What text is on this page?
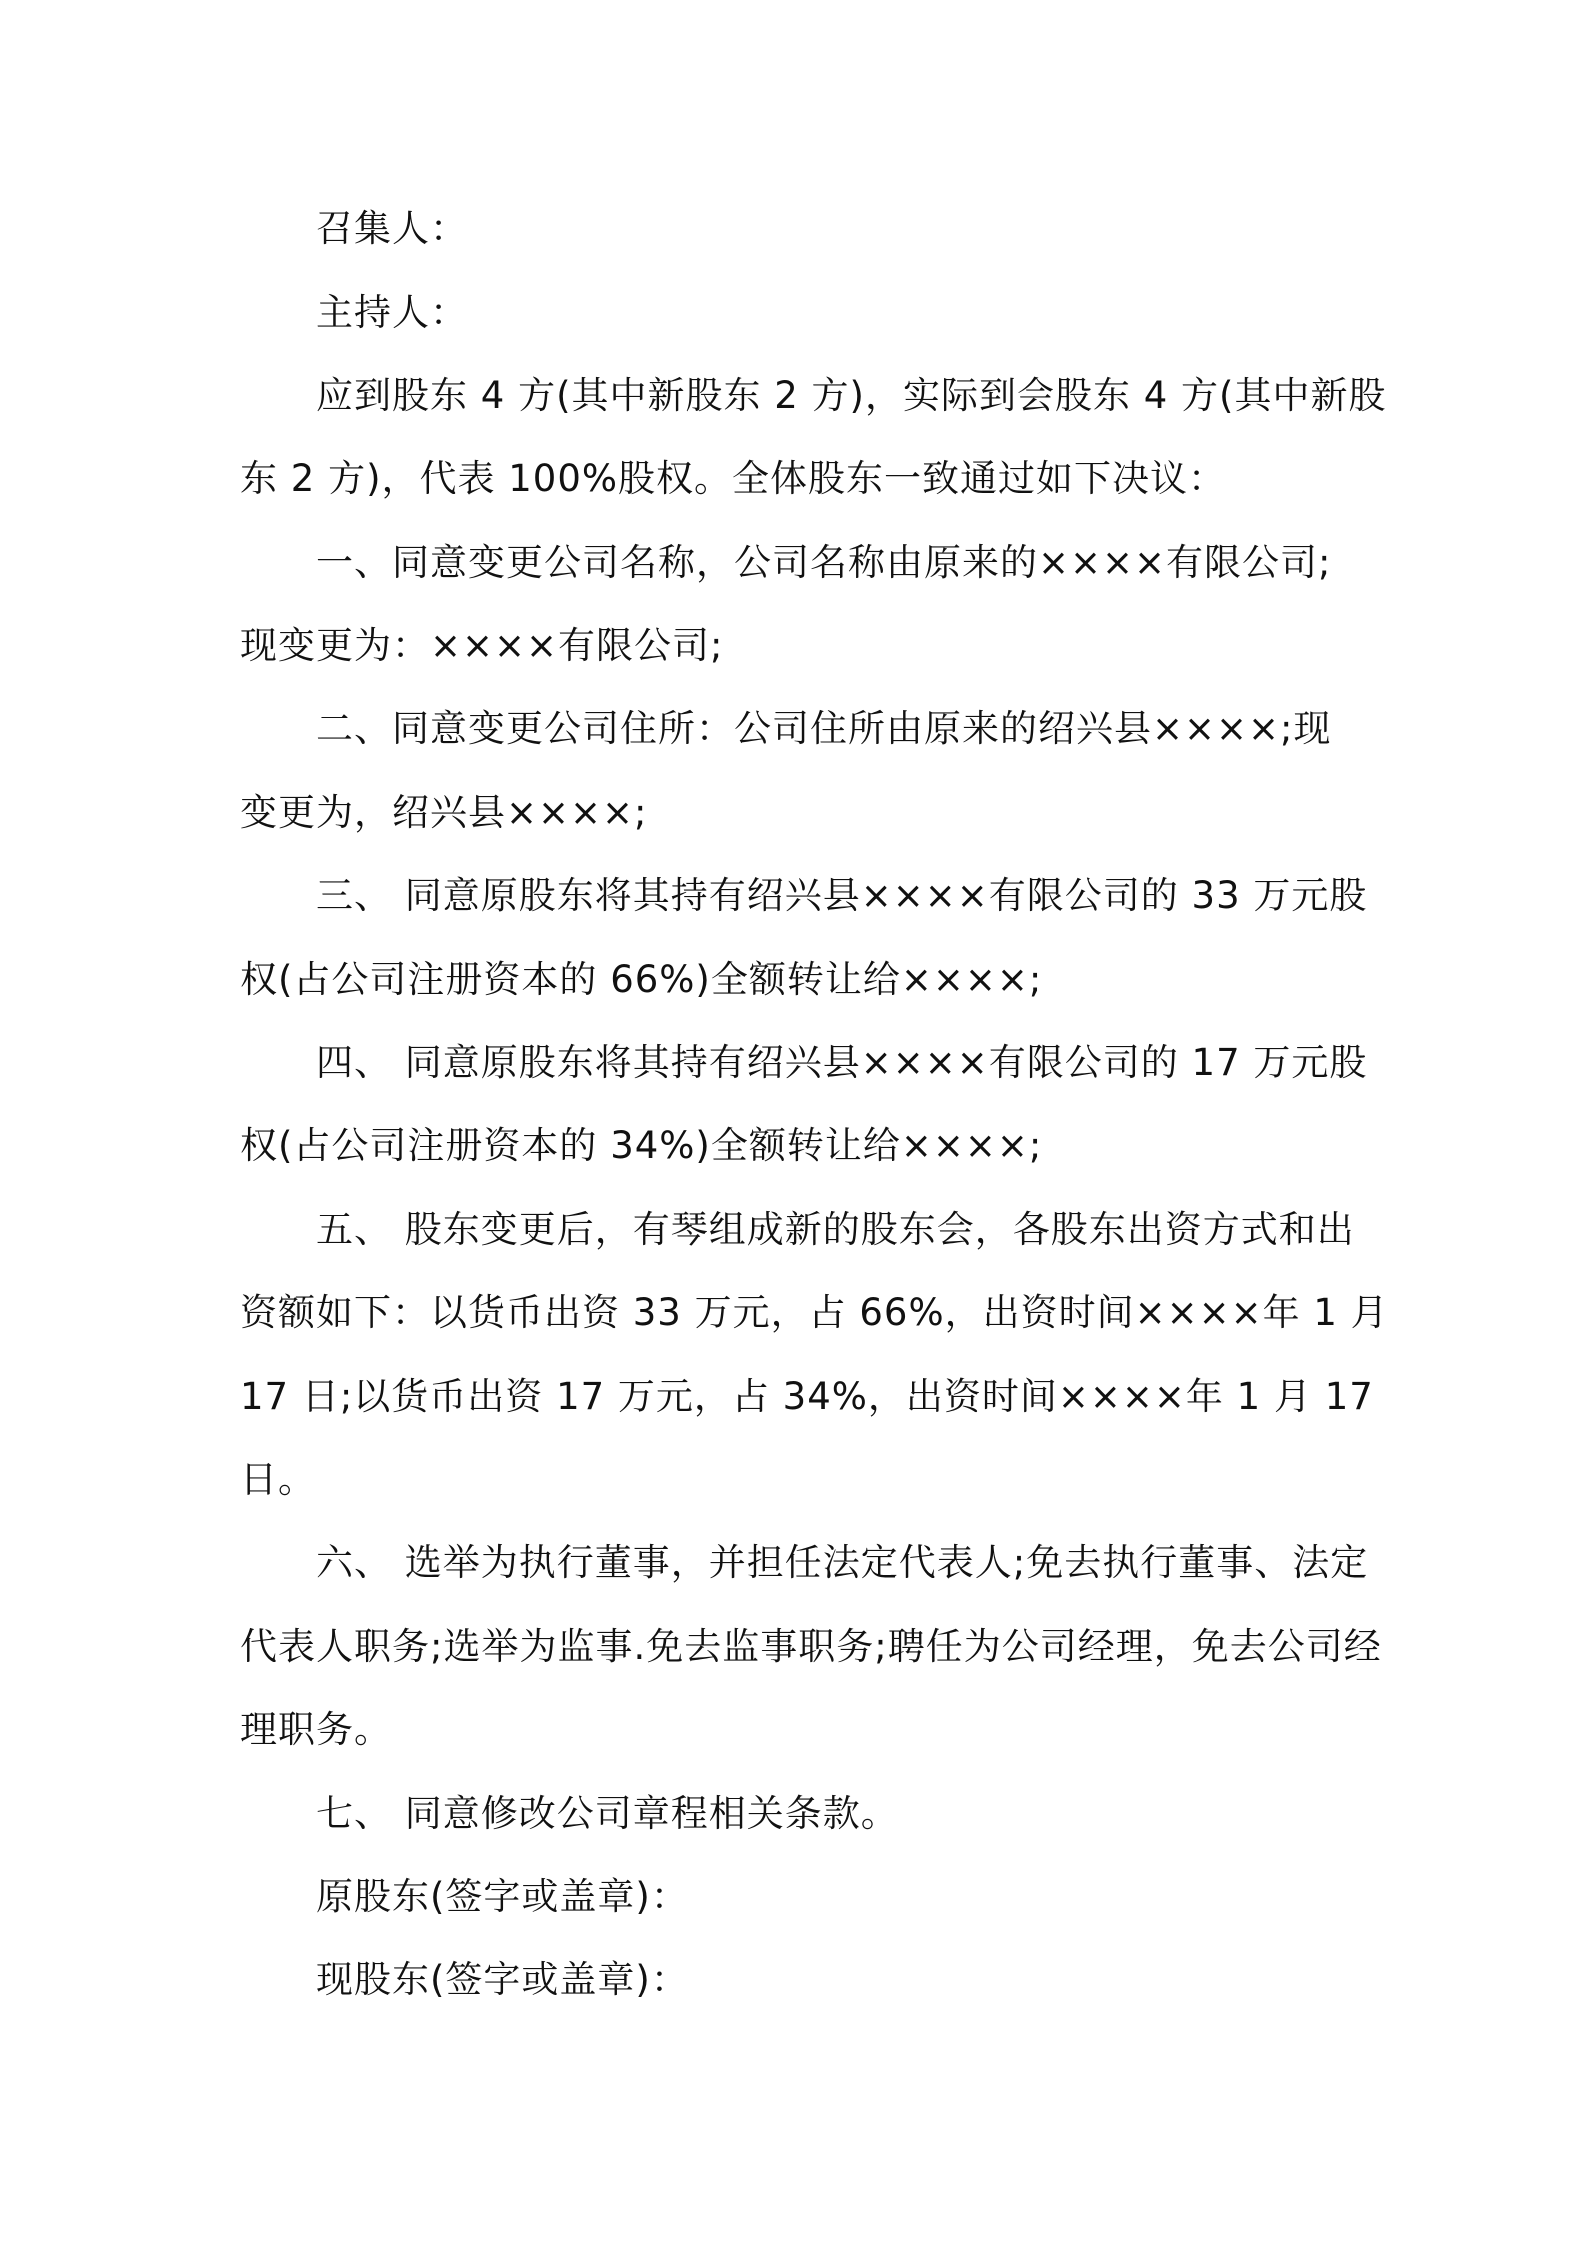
召集人：
主持人：
应到股东 4 方(其中新股东 2 方)，实际到会股东 4 方(其中新股
东 2 方)，代表 100%股权。全体股东一致通过如下决议：
一、同意变更公司名称，公司名称由原来的××××有限公司;
现变更为：××××有限公司;
二、同意变更公司住所：公司住所由原来的绍兴县××××;现
变更为，绍兴县××××;
三、 同意原股东将其持有绍兴县××××有限公司的 33 万元股
权(占公司注册资本的 66%)全额转让给××××;
四、 同意原股东将其持有绍兴县××××有限公司的 17 万元股
权(占公司注册资本的 34%)全额转让给××××;
五、 股东变更后，有琴组成新的股东会，各股东出资方式和出
资额如下：以货币出资 33 万元，占 66%，出资时间××××年 1 月
17 日;以货币出资 17 万元，占 34%，出资时间××××年 1 月 17
日。
六、 选举为执行董事，并担任法定代表人;免去执行董事、法定
代表人职务;选举为监事.免去监事职务;聘任为公司经理，免去公司经
理职务。
七、 同意修改公司章程相关条款。
原股东(签字或盖章)：
现股东(签字或盖章)：
